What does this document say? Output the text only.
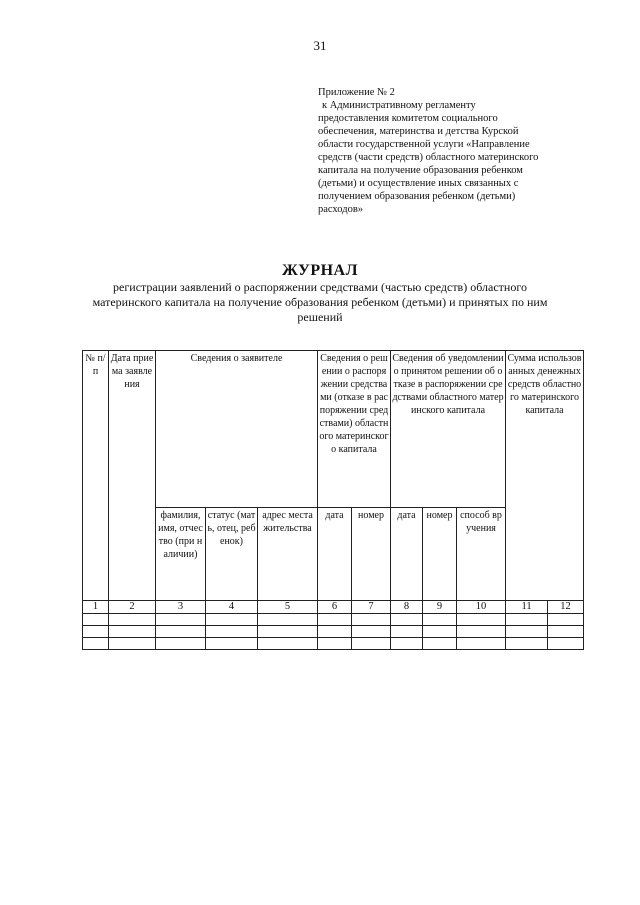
31
Приложение № 2
к Административному регламенту
предоставления комитетом социального
обеспечения, материнства и детства Курской
области государственной услуги «Направление
средств (части средств) областного материнского
капитала на получение образования ребенком
(детьми) и осуществление иных связанных с
получением образования ребенком (детьми)
расходов»
ЖУРНАЛ
регистрации заявлений о распоряжении средствами (частью средств) областного материнского капитала на получение образования ребенком (детьми) и принятых по ним решений
№ п/п	Дата приема заявления	Сведения о заявителе			Сведения о решении о распоряжении средствами (отказе в распоряжении средствами) областного материнского капитала		Сведения об уведомлении о принятом решении об отказе в распоряжении средствами областного материнского капитала			Сумма использованных денежных средств областного материнского капитала	
		фамилия, имя, отчество (при наличии)	статус (мать, отец, ребенок)	адрес места жительства	дата	номер	дата	номер	способ вручения		
1	2	3	4	5	6	7	8	9	10	11	12
